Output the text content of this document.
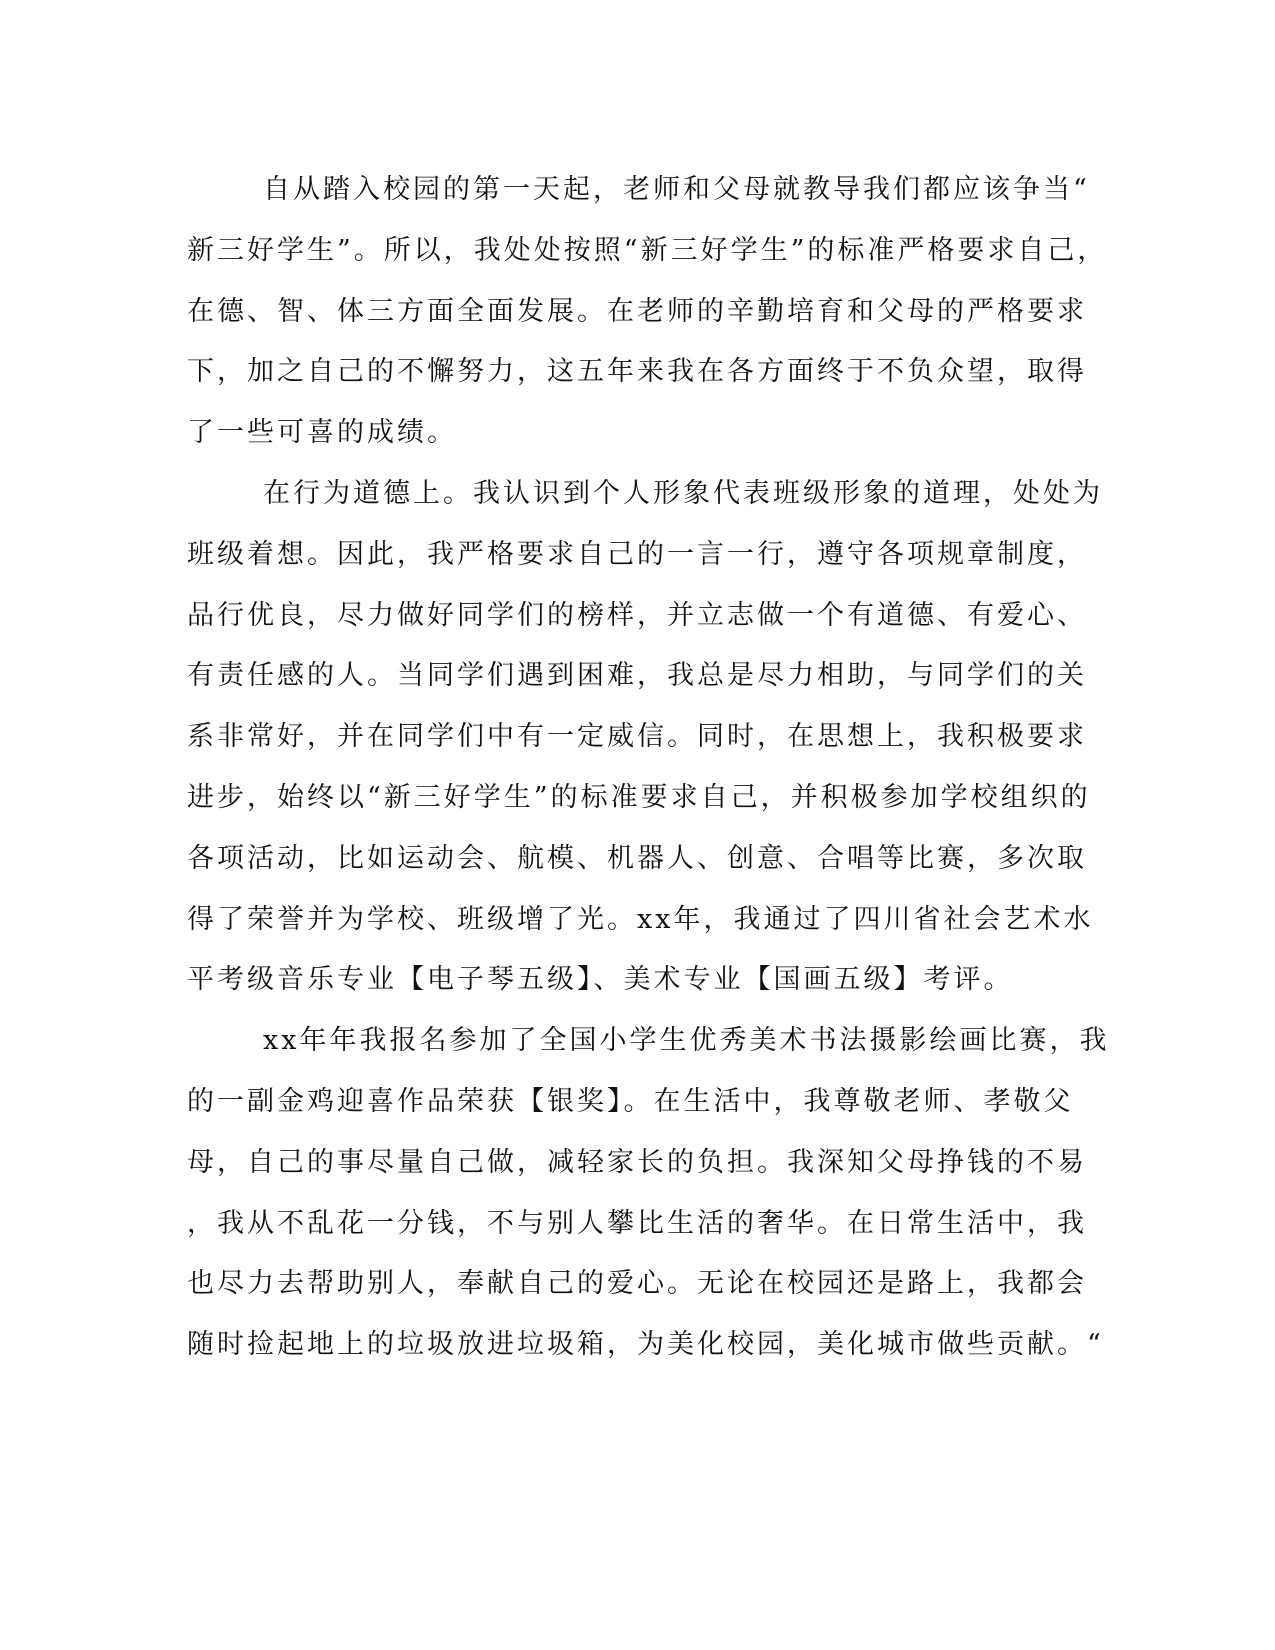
自从踏入校园的第一天起，老师和父母就教导我们都应该争当“
新三好学生”。所以，我处处按照“新三好学生”的标准严格要求自己，
在德、智、体三方面全面发展。在老师的辛勤培育和父母的严格要求
下，加之自己的不懈努力，这五年来我在各方面终于不负众望，取得
了一些可喜的成绩。
在行为道德上。我认识到个人形象代表班级形象的道理，处处为
班级着想。因此，我严格要求自己的一言一行，遵守各项规章制度，
品行优良，尽力做好同学们的榜样，并立志做一个有道德、有爱心、
有责任感的人。当同学们遇到困难，我总是尽力相助，与同学们的关
系非常好，并在同学们中有一定威信。同时，在思想上，我积极要求
进步，始终以“新三好学生”的标准要求自己，并积极参加学校组织的
各项活动，比如运动会、航模、机器人、创意、合唱等比赛，多次取
得了荣誉并为学校、班级增了光。xx年，我通过了四川省社会艺术水
平考级音乐专业【电子琴五级】、美术专业【国画五级】考评。
xx年年我报名参加了全国小学生优秀美术书法摄影绘画比赛，我
的一副金鸡迎喜作品荣获【银奖】。在生活中，我尊敬老师、孝敬父
母，自己的事尽量自己做，减轻家长的负担。我深知父母挣钱的不易
，我从不乱花一分钱，不与别人攀比生活的奢华。在日常生活中，我
也尽力去帮助别人，奉献自己的爱心。无论在校园还是路上，我都会
随时捡起地上的垃圾放进垃圾箱，为美化校园，美化城市做些贡献。“
